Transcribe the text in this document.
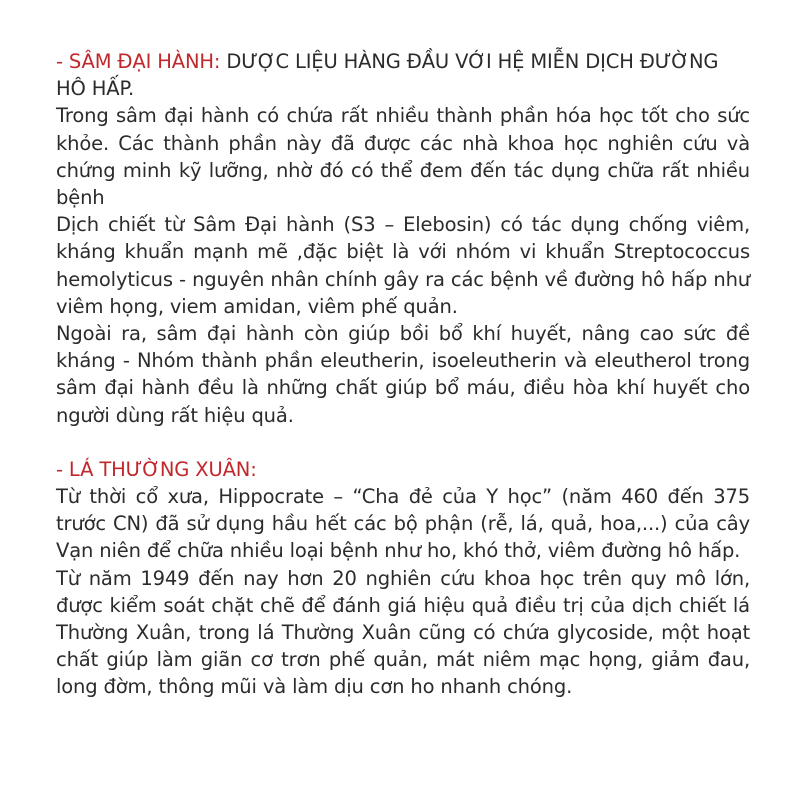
- SÂM ĐẠI HÀNH: DƯỢC LIỆU HÀNG ĐẦU VỚI HỆ MIỄN DỊCH ĐƯỜNG HÔ HẤP.

Trong sâm đại hành có chứa rất nhiều thành phần hóa học tốt cho sức khỏe. Các thành phần này đã được các nhà khoa học nghiên cứu và chứng minh kỹ lưỡng, nhờ đó có thể đem đến tác dụng chữa rất nhiều bệnh

Dịch chiết từ Sâm Đại hành (S3 – Elebosin) có tác dụng chống viêm, kháng khuẩn mạnh mẽ ,đặc biệt là với nhóm vi khuẩn Streptococcus hemolyticus - nguyên nhân chính gây ra các bệnh về đường hô hấp như viêm họng, viem amidan, viêm phế quản.

Ngoài ra, sâm đại hành còn giúp bồi bổ khí huyết, nâng cao sức đề kháng - Nhóm thành phần eleutherin, isoeleutherin và eleutherol trong sâm đại hành đều là những chất giúp bổ máu, điều hòa khí huyết cho người dùng rất hiệu quả.

- LÁ THƯỜNG XUÂN:

Từ thời cổ xưa, Hippocrate – “Cha đẻ của Y học” (năm 460 đến 375 trước CN) đã sử dụng hầu hết các bộ phận (rễ, lá, quả, hoa,...) của cây Vạn niên để chữa nhiều loại bệnh như ho, khó thở, viêm đường hô hấp.

Từ năm 1949 đến nay hơn 20 nghiên cứu khoa học trên quy mô lớn, được kiểm soát chặt chẽ để đánh giá hiệu quả điều trị của dịch chiết lá Thường Xuân, trong lá Thường Xuân cũng có chứa glycoside, một hoạt chất giúp làm giãn cơ trơn phế quản, mát niêm mạc họng, giảm đau, long đờm, thông mũi và làm dịu cơn ho nhanh chóng.
